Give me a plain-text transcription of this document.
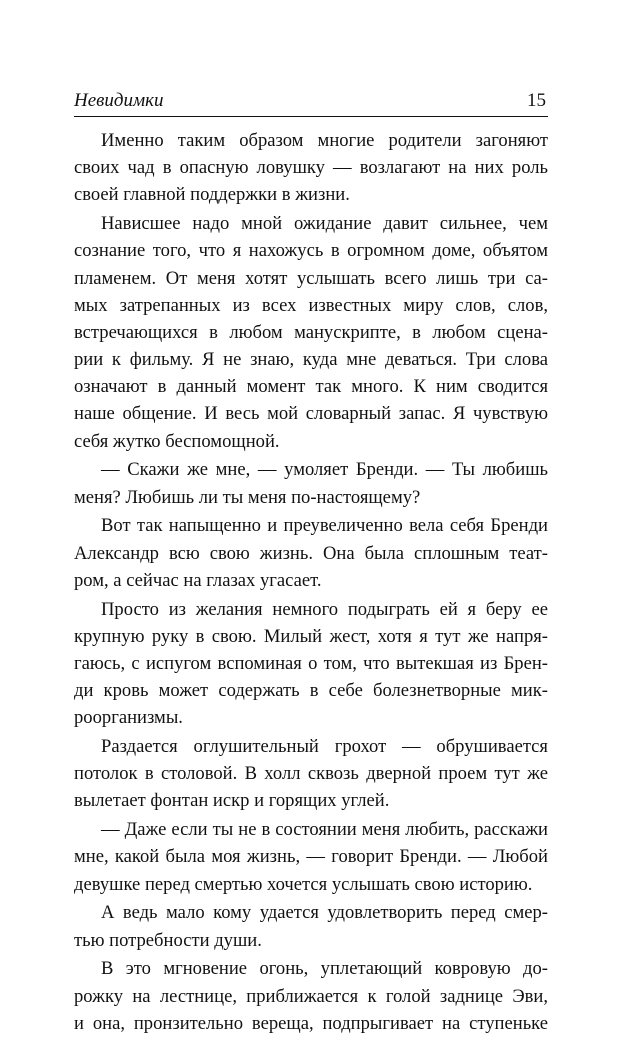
Невидимки	15
Именно таким образом многие родители загоняют
своих чад в опасную ловушку — возлагают на них роль
своей главной поддержки в жизни.
Нависшее надо мной ожидание давит сильнее, чем
сознание того, что я нахожусь в огромном доме, объятом
пламенем. От меня хотят услышать всего лишь три са-
мых затрепанных из всех известных миру слов, слов,
встречающихся в любом манускрипте, в любом сцена-
рии к фильму. Я не знаю, куда мне деваться. Три слова
означают в данный момент так много. К ним сводится
наше общение. И весь мой словарный запас. Я чувствую
себя жутко беспомощной.
— Скажи же мне, — умоляет Бренди. — Ты любишь
меня? Любишь ли ты меня по-настоящему?
Вот так напыщенно и преувеличенно вела себя Бренди
Александр всю свою жизнь. Она была сплошным теат-
ром, а сейчас на глазах угасает.
Просто из желания немного подыграть ей я беру ее
крупную руку в свою. Милый жест, хотя я тут же напря-
гаюсь, с испугом вспоминая о том, что вытекшая из Брен-
ди кровь может содержать в себе болезнетворные мик-
роорганизмы.
Раздается оглушительный грохот — обрушивается
потолок в столовой. В холл сквозь дверной проем тут же
вылетает фонтан искр и горящих углей.
— Даже если ты не в состоянии меня любить, расскажи
мне, какой была моя жизнь, — говорит Бренди. — Любой
девушке перед смертью хочется услышать свою историю.
А ведь мало кому удается удовлетворить перед смер-
тью потребности души.
В это мгновение огонь, уплетающий ковровую до-
рожку на лестнице, приближается к голой заднице Эви,
и она, пронзительно вереща, подпрыгивает на ступеньке
